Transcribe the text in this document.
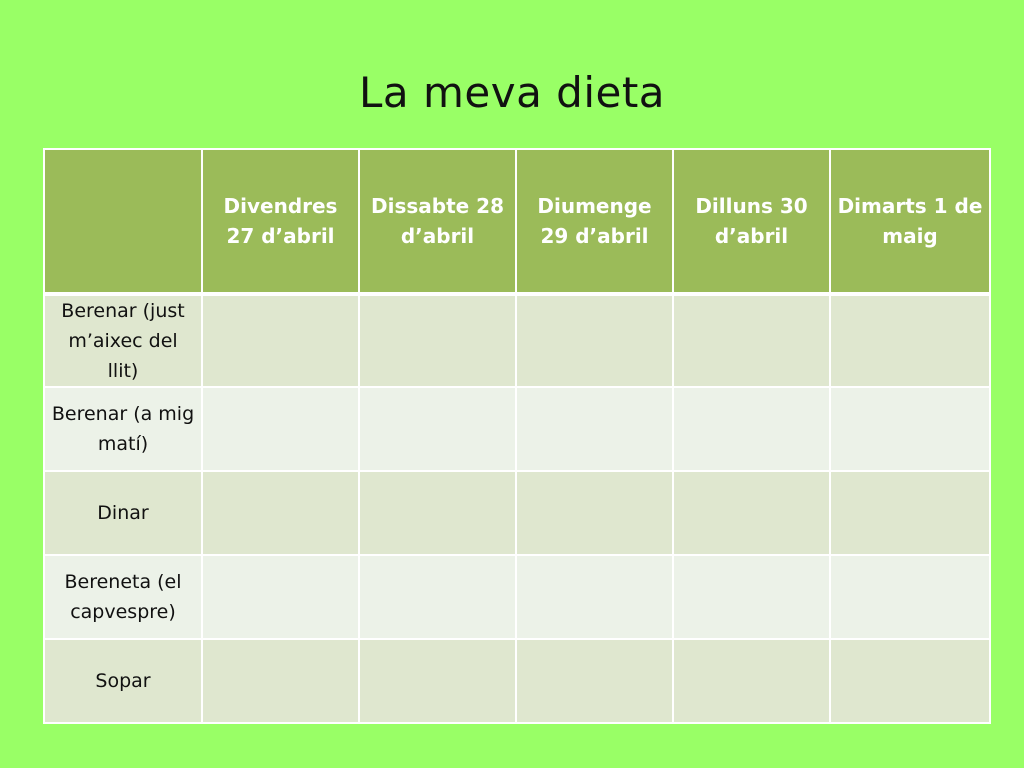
La meva dieta
	Divendres 27 d’abril	Dissabte 28 d’abril	Diumenge 29 d’abril	Dilluns 30 d’abril	Dimarts 1 de maig
Berenar (just m’aixec del llit)					
Berenar (a mig matí)					
Dinar					
Bereneta (el capvespre)					
Sopar					
